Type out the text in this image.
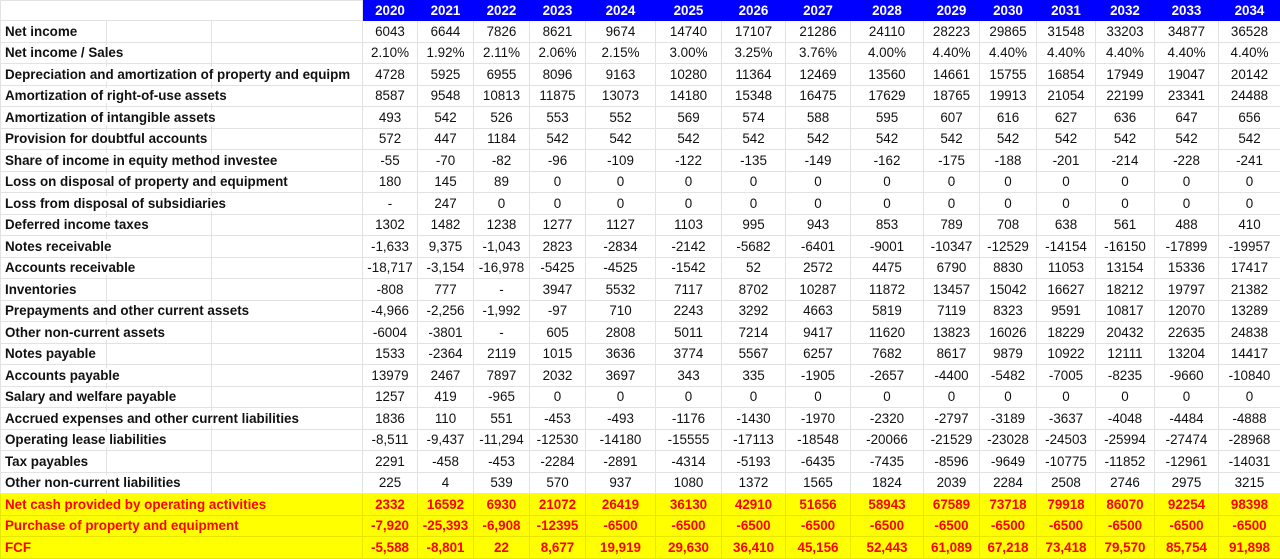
	2020	2021	2022	2023	2024	2025	2026	2027	2028	2029	2030	2031	2032	2033	2034
Net income	6043	6644	7826	8621	9674	14740	17107	21286	24110	28223	29865	31548	33203	34877	36528
Net income / Sales	2.10%	1.92%	2.11%	2.06%	2.15%	3.00%	3.25%	3.76%	4.00%	4.40%	4.40%	4.40%	4.40%	4.40%	4.40%
Depreciation and amortization of property and equipm	4728	5925	6955	8096	9163	10280	11364	12469	13560	14661	15755	16854	17949	19047	20142
Amortization of right-of-use assets	8587	9548	10813	11875	13073	14180	15348	16475	17629	18765	19913	21054	22199	23341	24488
Amortization of intangible assets	493	542	526	553	552	569	574	588	595	607	616	627	636	647	656
Provision for doubtful accounts	572	447	1184	542	542	542	542	542	542	542	542	542	542	542	542
Share of income in equity method investee	-55	-70	-82	-96	-109	-122	-135	-149	-162	-175	-188	-201	-214	-228	-241
Loss on disposal of property and equipment	180	145	89	0	0	0	0	0	0	0	0	0	0	0	0
Loss from disposal of subsidiaries	-	247	0	0	0	0	0	0	0	0	0	0	0	0	0
Deferred income taxes	1302	1482	1238	1277	1127	1103	995	943	853	789	708	638	561	488	410
Notes receivable	-1,633	9,375	-1,043	2823	-2834	-2142	-5682	-6401	-9001	-10347	-12529	-14154	-16150	-17899	-19957
Accounts receivable	-18,717	-3,154	-16,978	-5425	-4525	-1542	52	2572	4475	6790	8830	11053	13154	15336	17417
Inventories	-808	777	-	3947	5532	7117	8702	10287	11872	13457	15042	16627	18212	19797	21382
Prepayments and other current assets	-4,966	-2,256	-1,992	-97	710	2243	3292	4663	5819	7119	8323	9591	10817	12070	13289
Other non-current assets	-6004	-3801	-	605	2808	5011	7214	9417	11620	13823	16026	18229	20432	22635	24838
Notes payable	1533	-2364	2119	1015	3636	3774	5567	6257	7682	8617	9879	10922	12111	13204	14417
Accounts payable	13979	2467	7897	2032	3697	343	335	-1905	-2657	-4400	-5482	-7005	-8235	-9660	-10840
Salary and welfare payable	1257	419	-965	0	0	0	0	0	0	0	0	0	0	0	0
Accrued expenses and other current liabilities	1836	110	551	-453	-493	-1176	-1430	-1970	-2320	-2797	-3189	-3637	-4048	-4484	-4888
Operating lease liabilities	-8,511	-9,437	-11,294	-12530	-14180	-15555	-17113	-18548	-20066	-21529	-23028	-24503	-25994	-27474	-28968
Tax payables	2291	-458	-453	-2284	-2891	-4314	-5193	-6435	-7435	-8596	-9649	-10775	-11852	-12961	-14031
Other non-current liabilities	225	4	539	570	937	1080	1372	1565	1824	2039	2284	2508	2746	2975	3215
Net cash provided by operating activities	2332	16592	6930	21072	26419	36130	42910	51656	58943	67589	73718	79918	86070	92254	98398
Purchase of property and equipment	-7,920	-25,393	-6,908	-12395	-6500	-6500	-6500	-6500	-6500	-6500	-6500	-6500	-6500	-6500	-6500
FCF	-5,588	-8,801	22	8,677	19,919	29,630	36,410	45,156	52,443	61,089	67,218	73,418	79,570	85,754	91,898
